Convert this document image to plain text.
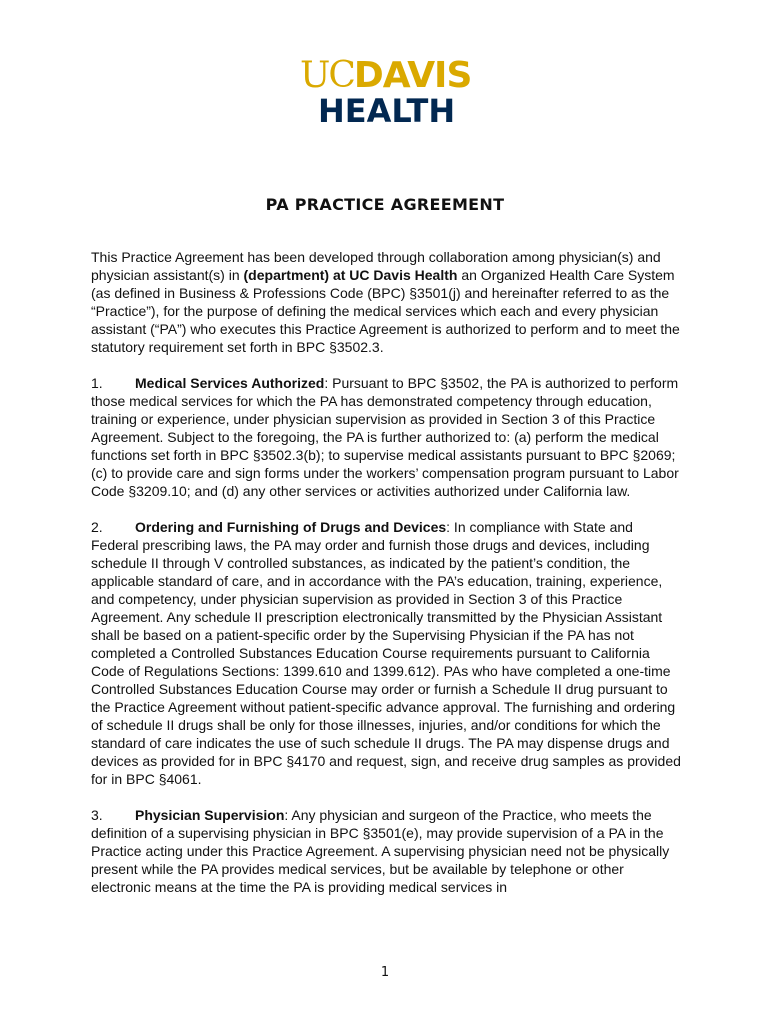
UCDAVIS
HEALTH
PA PRACTICE AGREEMENT

This Practice Agreement has been developed through collaboration among physician(s) and physician assistant(s) in (department) at UC Davis Health an Organized Health Care System (as defined in Business & Professions Code (BPC) §3501(j) and hereinafter referred to as the “Practice”), for the purpose of defining the medical services which each and every physician assistant (“PA”) who executes this Practice Agreement is authorized to perform and to meet the statutory requirement set forth in BPC §3502.3.

1. Medical Services Authorized: Pursuant to BPC §3502, the PA is authorized to perform those medical services for which the PA has demonstrated competency through education, training or experience, under physician supervision as provided in Section 3 of this Practice Agreement. Subject to the foregoing, the PA is further authorized to: (a) perform the medical functions set forth in BPC §3502.3(b); to supervise medical assistants pursuant to BPC §2069; (c) to provide care and sign forms under the workers’ compensation program pursuant to Labor Code §3209.10; and (d) any other services or activities authorized under California law.

2. Ordering and Furnishing of Drugs and Devices: In compliance with State and Federal prescribing laws, the PA may order and furnish those drugs and devices, including schedule II through V controlled substances, as indicated by the patient’s condition, the applicable standard of care, and in accordance with the PA’s education, training, experience, and competency, under physician supervision as provided in Section 3 of this Practice Agreement. Any schedule II prescription electronically transmitted by the Physician Assistant shall be based on a patient-specific order by the Supervising Physician if the PA has not completed a Controlled Substances Education Course requirements pursuant to California Code of Regulations Sections: 1399.610 and 1399.612). PAs who have completed a one-time Controlled Substances Education Course may order or furnish a Schedule II drug pursuant to the Practice Agreement without patient-specific advance approval. The furnishing and ordering of schedule II drugs shall be only for those illnesses, injuries, and/or conditions for which the standard of care indicates the use of such schedule II drugs. The PA may dispense drugs and devices as provided for in BPC §4170 and request, sign, and receive drug samples as provided for in BPC §4061.

3. Physician Supervision: Any physician and surgeon of the Practice, who meets the definition of a supervising physician in BPC §3501(e), may provide supervision of a PA in the Practice acting under this Practice Agreement. A supervising physician need not be physically present while the PA provides medical services, but be available by telephone or other electronic means at the time the PA is providing medical services in

1
